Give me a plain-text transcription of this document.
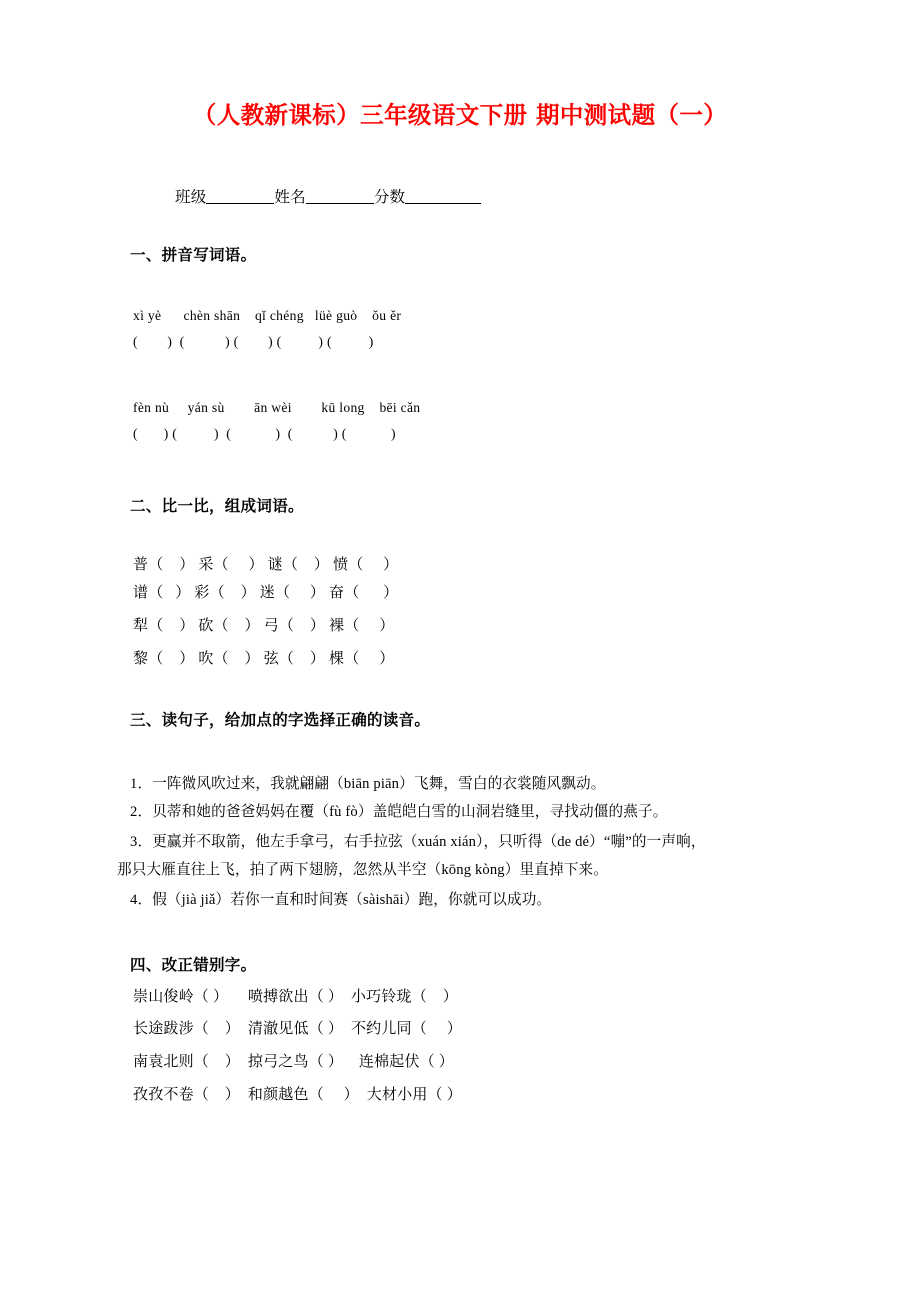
（人教新课标）三年级语文下册 期中测试题（一）
班级	姓名	分数
一、拼音写词语。
xì yè      chèn shān    qǐ chéng   lüè guò    ǒu ěr
(        )  (           ) (        ) (          ) (          )
fèn nù     yán sù        ān wèi        kū long    bēi cǎn
(       ) (          )  (            )  (           ) (            )
二、比一比，组成词语。
普（    ） 采（     ） 谜（    ） 愤（     ）
谱（   ） 彩（    ） 迷（     ） 奋（      ）
犁（    ） 砍（    ） 弓（    ） 裸（     ）
黎（    ） 吹（    ） 弦（    ） 棵（     ）
三、读句子，给加点的字选择正确的读音。
1．一阵微风吹过来，我就翩翩（biān piān）飞舞，雪白的衣裳随风飘动。
2．贝蒂和她的爸爸妈妈在覆（fù fò）盖皑皑白雪的山洞岩缝里，寻找动僵的燕子。
3．更赢并不取箭，他左手拿弓，右手拉弦（xuán xián），只听得（de dé）“嘣”的一声响，
那只大雁直往上飞，拍了两下翅膀，忽然从半空（kōng kòng）里直掉下来。
4．假（jià jiǎ）若你一直和时间赛（sàishāi）跑，你就可以成功。
四、改正错别字。
崇山俊岭（ ）     喷搏欲出（ ）  小巧铃珑（    ）
长途跋涉（    ）  清澈见低（ ）  不约儿同（     ）
南袁北则（    ）  掠弓之鸟（ ）    连棉起伏（ ）
孜孜不卷（    ）  和颜越色（     ）  大材小用（ ）
